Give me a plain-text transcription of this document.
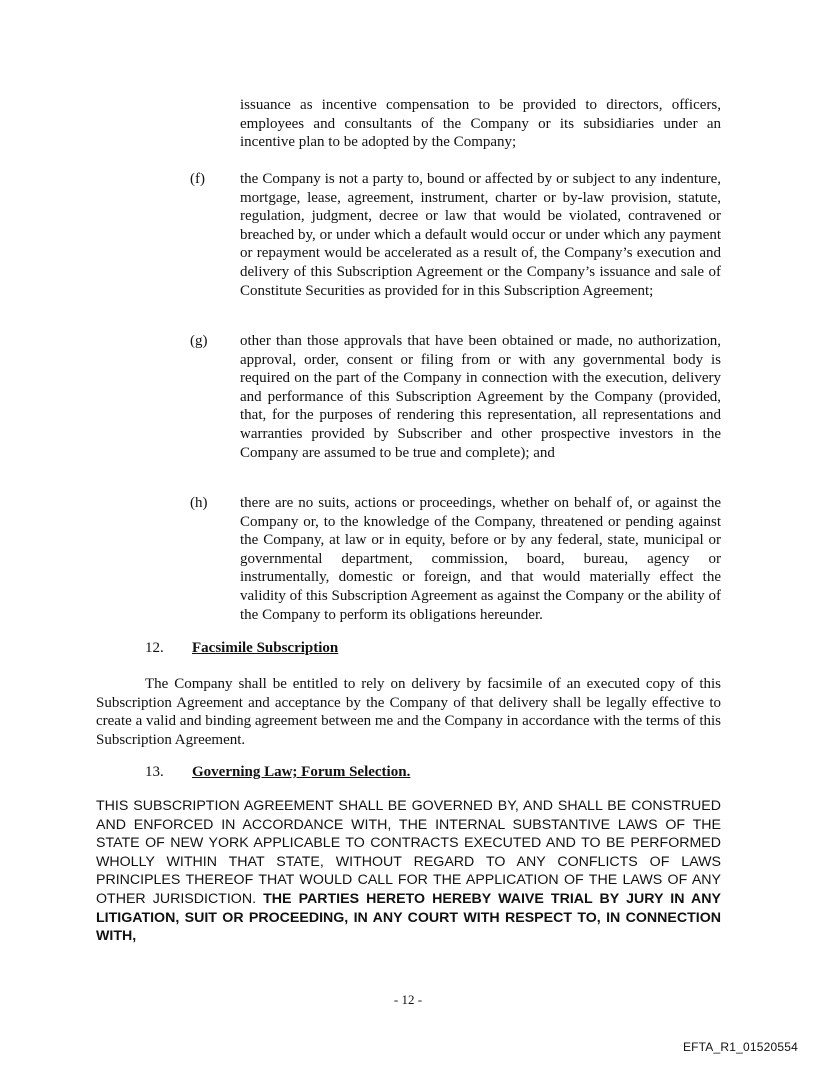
issuance as incentive compensation to be provided to directors, officers, employees and consultants of the Company or its subsidiaries under an incentive plan to be adopted by the Company;
(f) the Company is not a party to, bound or affected by or subject to any indenture, mortgage, lease, agreement, instrument, charter or by-law provision, statute, regulation, judgment, decree or law that would be violated, contravened or breached by, or under which a default would occur or under which any payment or repayment would be accelerated as a result of, the Company’s execution and delivery of this Subscription Agreement or the Company’s issuance and sale of Constitute Securities as provided for in this Subscription Agreement;
(g) other than those approvals that have been obtained or made, no authorization, approval, order, consent or filing from or with any governmental body is required on the part of the Company in connection with the execution, delivery and performance of this Subscription Agreement by the Company (provided, that, for the purposes of rendering this representation, all representations and warranties provided by Subscriber and other prospective investors in the Company are assumed to be true and complete); and
(h) there are no suits, actions or proceedings, whether on behalf of, or against the Company or, to the knowledge of the Company, threatened or pending against the Company, at law or in equity, before or by any federal, state, municipal or governmental department, commission, board, bureau, agency or instrumentally, domestic or foreign, and that would materially effect the validity of this Subscription Agreement as against the Company or the ability of the Company to perform its obligations hereunder.
12. Facsimile Subscription
The Company shall be entitled to rely on delivery by facsimile of an executed copy of this Subscription Agreement and acceptance by the Company of that delivery shall be legally effective to create a valid and binding agreement between me and the Company in accordance with the terms of this Subscription Agreement.
13. Governing Law; Forum Selection.
THIS SUBSCRIPTION AGREEMENT SHALL BE GOVERNED BY, AND SHALL BE CONSTRUED AND ENFORCED IN ACCORDANCE WITH, THE INTERNAL SUBSTANTIVE LAWS OF THE STATE OF NEW YORK APPLICABLE TO CONTRACTS EXECUTED AND TO BE PERFORMED WHOLLY WITHIN THAT STATE, WITHOUT REGARD TO ANY CONFLICTS OF LAWS PRINCIPLES THEREOF THAT WOULD CALL FOR THE APPLICATION OF THE LAWS OF ANY OTHER JURISDICTION. THE PARTIES HERETO HEREBY WAIVE TRIAL BY JURY IN ANY LITIGATION, SUIT OR PROCEEDING, IN ANY COURT WITH RESPECT TO, IN CONNECTION WITH,
- 12 -
EFTA_R1_01520554
